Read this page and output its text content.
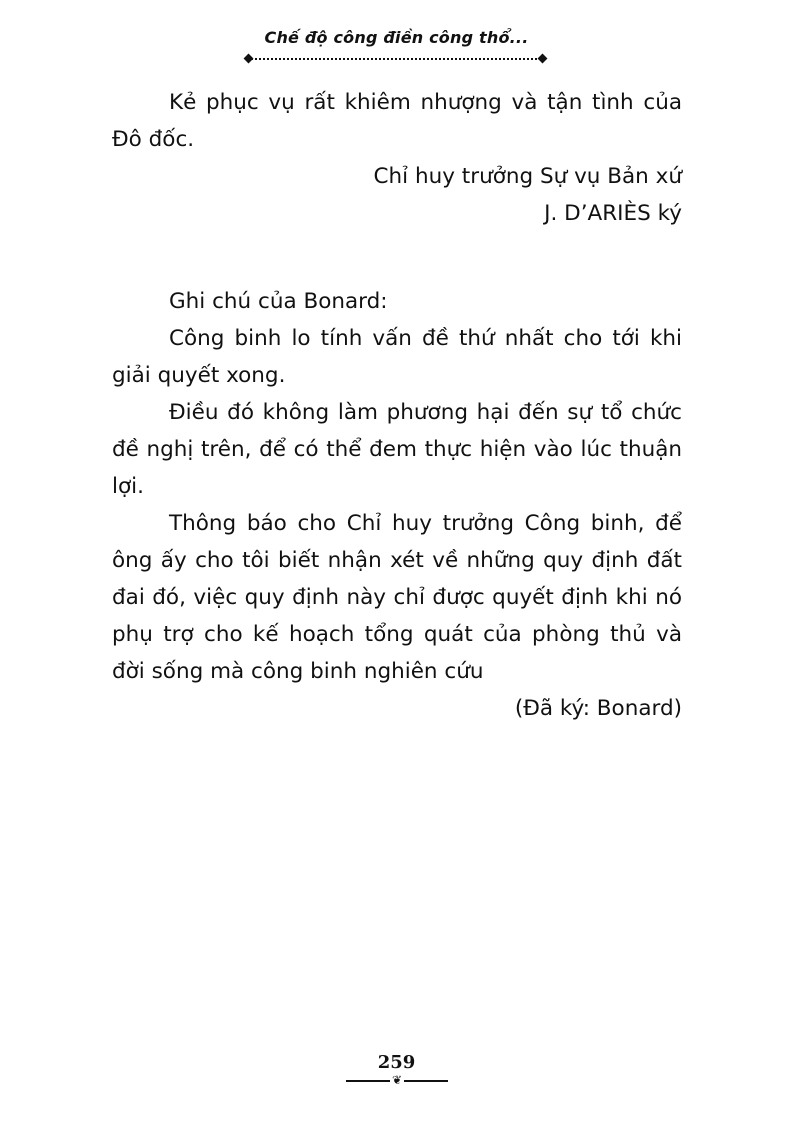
Chế độ công điền công thổ...

Kẻ phục vụ rất khiêm nhượng và tận tình của Đô đốc.

Chỉ huy trưởng Sự vụ Bản xứ

J. D’ARIÈS ký

Ghi chú của Bonard:

Công binh lo tính vấn đề thứ nhất cho tới khi giải quyết xong.

Điều đó không làm phương hại đến sự tổ chức đề nghị trên, để có thể đem thực hiện vào lúc thuận lợi.

Thông báo cho Chỉ huy trưởng Công binh, để ông ấy cho tôi biết nhận xét về những quy định đất đai đó, việc quy định này chỉ được quyết định khi nó phụ trợ cho kế hoạch tổng quát của phòng thủ và đời sống mà công binh nghiên cứu

(Đã ký: Bonard)

259
❦
